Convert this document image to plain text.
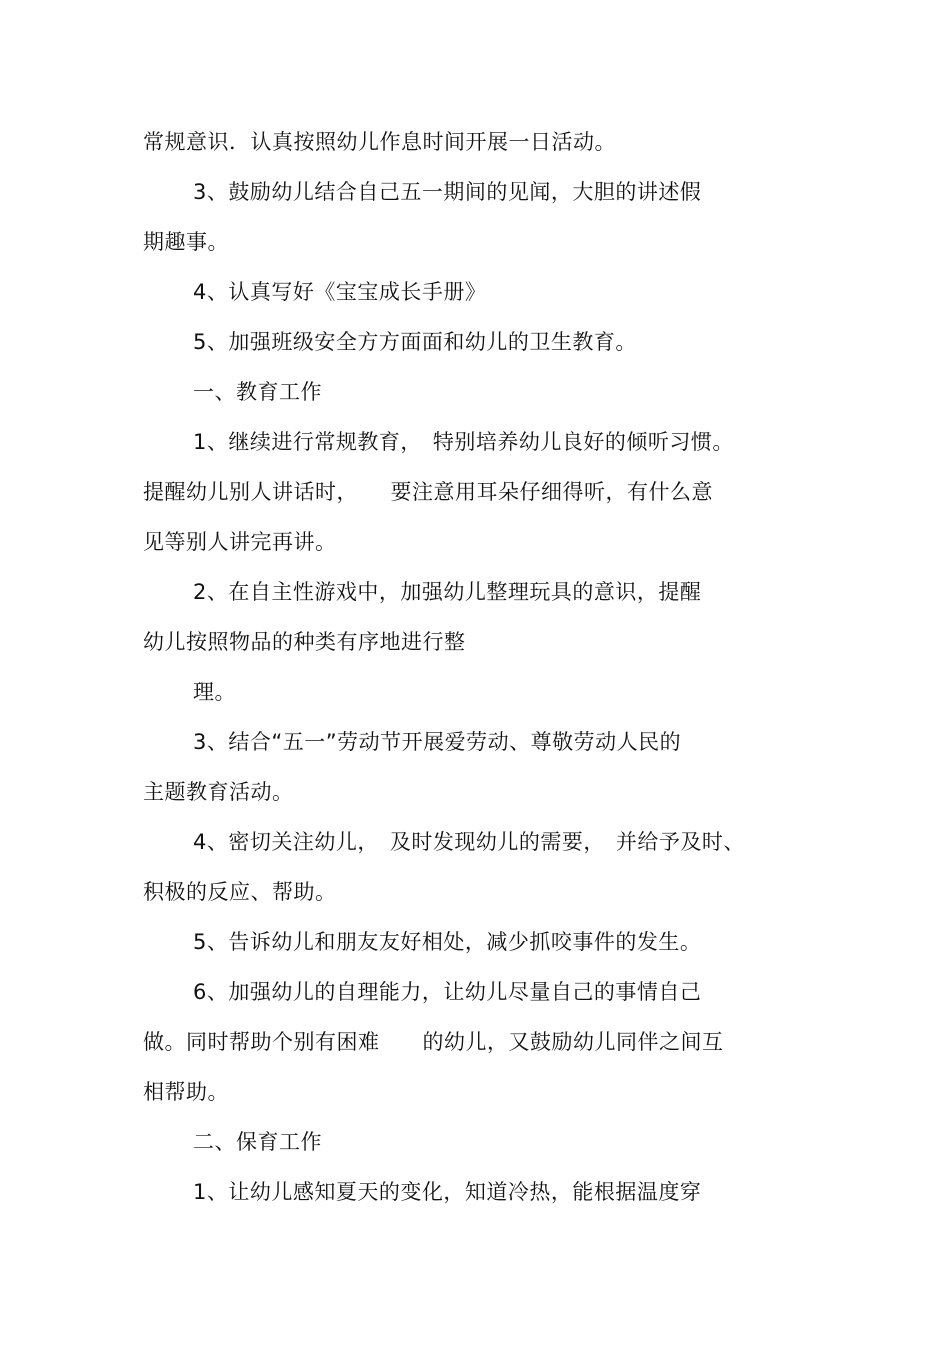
常规意识．认真按照幼儿作息时间开展一日活动。
3、鼓励幼儿结合自己五一期间的见闻，大胆的讲述假
期趣事。
4、认真写好《宝宝成长手册》
5、加强班级安全方方面面和幼儿的卫生教育。
一、教育工作
1、继续进行常规教育，　特别培养幼儿良好的倾听习惯。
提醒幼儿别人讲话时，　　要注意用耳朵仔细得听，有什么意
见等别人讲完再讲。
2、在自主性游戏中，加强幼儿整理玩具的意识，提醒
幼儿按照物品的种类有序地进行整
理。
3、结合“五一”劳动节开展爱劳动、尊敬劳动人民的
主题教育活动。
4、密切关注幼儿，　及时发现幼儿的需要，　并给予及时、
积极的反应、帮助。
5、告诉幼儿和朋友友好相处，减少抓咬事件的发生。
6、加强幼儿的自理能力，让幼儿尽量自己的事情自己
做。同时帮助个别有困难　　的幼儿，又鼓励幼儿同伴之间互
相帮助。
二、保育工作
1、让幼儿感知夏天的变化，知道冷热，能根据温度穿
